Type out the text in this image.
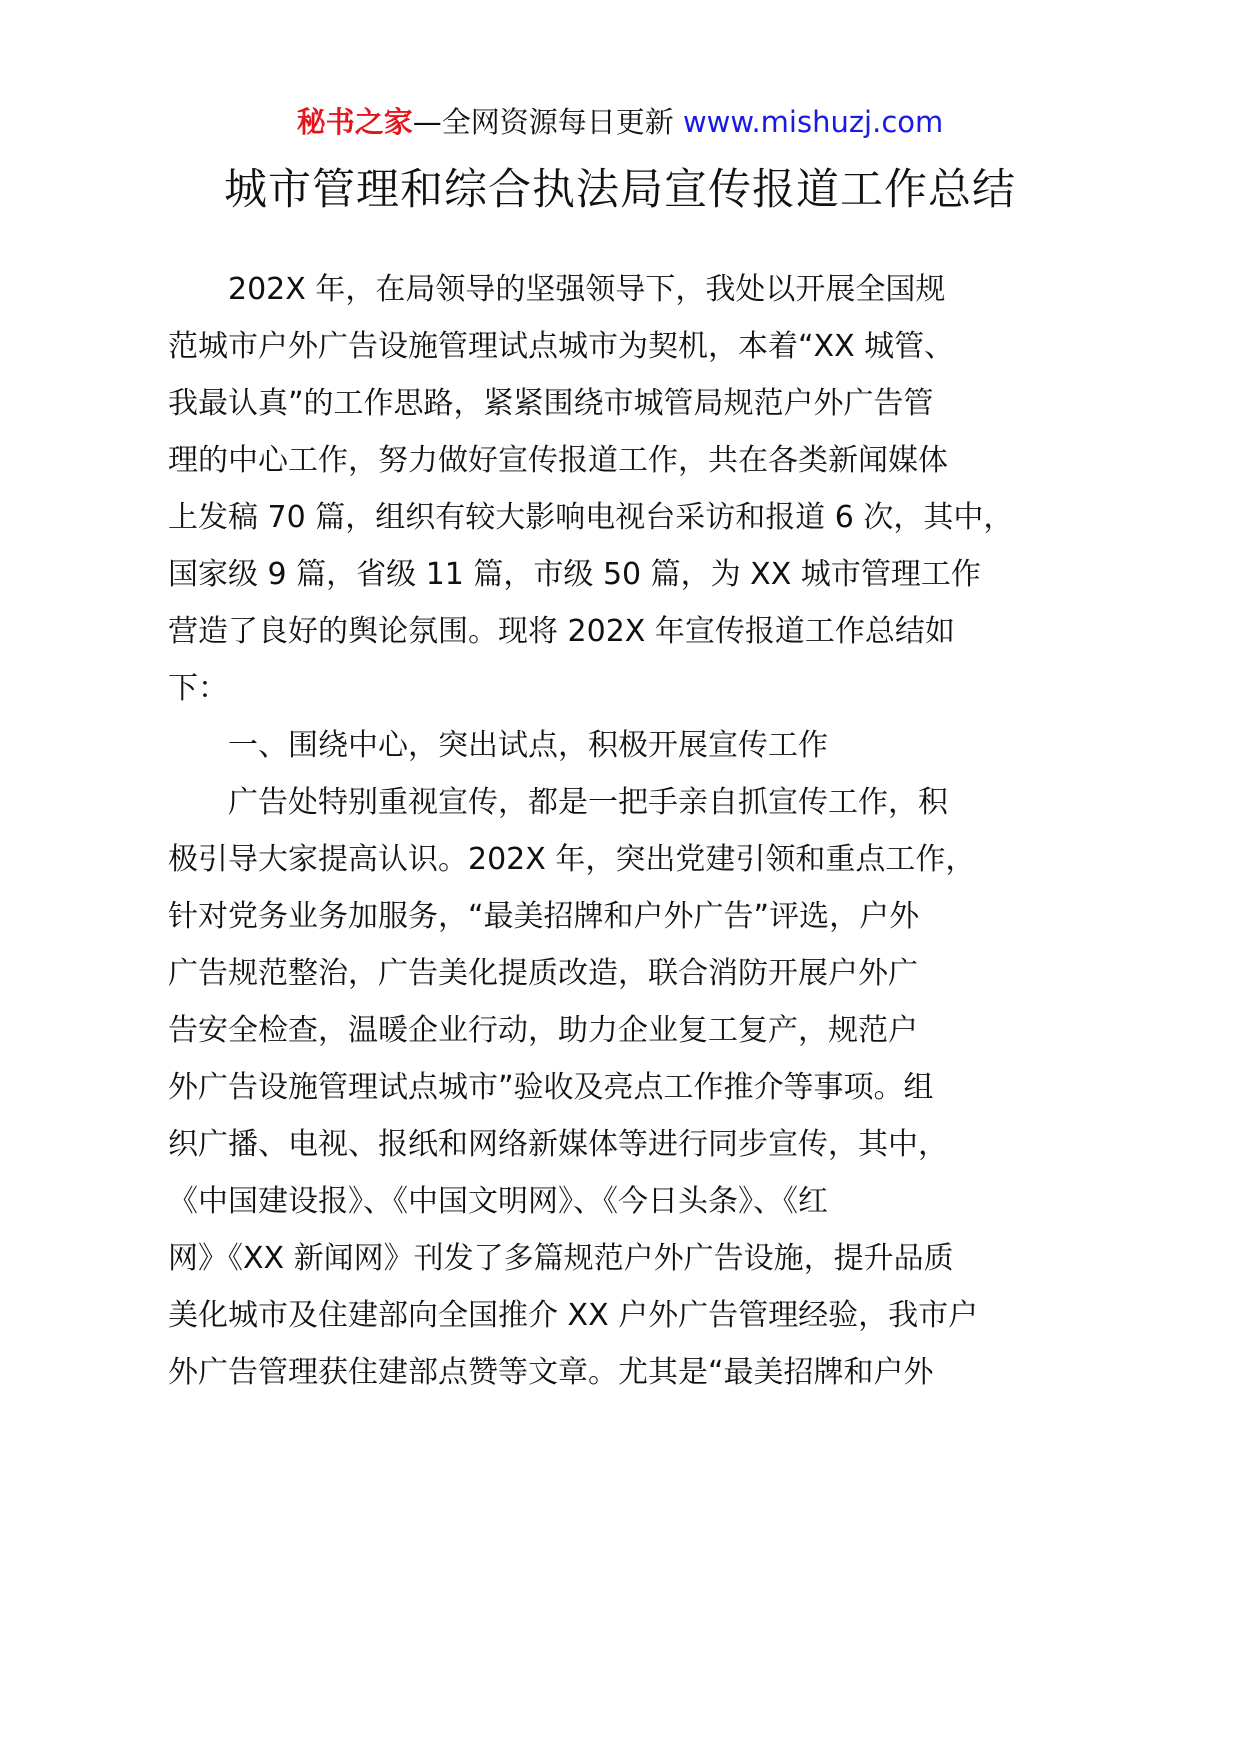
秘书之家—全网资源每日更新 www.mishuzj.com
城市管理和综合执法局宣传报道工作总结
202X 年，在局领导的坚强领导下，我处以开展全国规
范城市户外广告设施管理试点城市为契机，本着“XX 城管、
我最认真”的工作思路，紧紧围绕市城管局规范户外广告管
理的中心工作，努力做好宣传报道工作，共在各类新闻媒体
上发稿 70 篇，组织有较大影响电视台采访和报道 6 次，其中，
国家级 9 篇，省级 11 篇，市级 50 篇，为 XX 城市管理工作
营造了良好的舆论氛围。现将 202X 年宣传报道工作总结如
下：
一、围绕中心，突出试点，积极开展宣传工作
广告处特别重视宣传，都是一把手亲自抓宣传工作，积
极引导大家提高认识。202X 年，突出党建引领和重点工作，
针对党务业务加服务，“最美招牌和户外广告”评选，户外
广告规范整治，广告美化提质改造，联合消防开展户外广
告安全检查，温暖企业行动，助力企业复工复产，规范户
外广告设施管理试点城市”验收及亮点工作推介等事项。组
织广播、电视、报纸和网络新媒体等进行同步宣传，其中，
《中国建设报》、《中国文明网》、《今日头条》、《红
网》《XX 新闻网》刊发了多篇规范户外广告设施，提升品质
美化城市及住建部向全国推介 XX 户外广告管理经验，我市户
外广告管理获住建部点赞等文章。尤其是“最美招牌和户外
